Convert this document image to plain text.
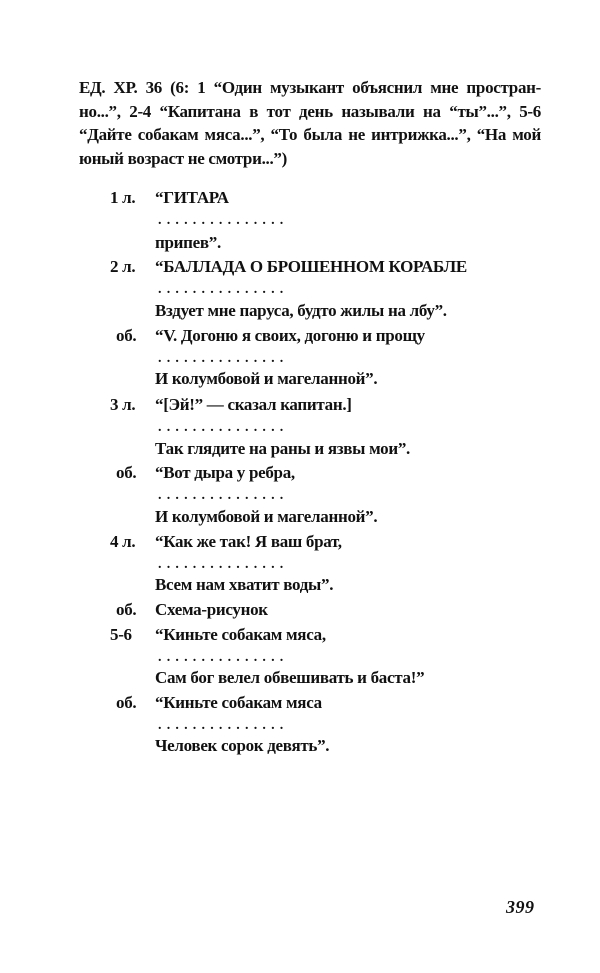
ЕД. ХР. 36 (6: 1 “Один музыкант объяснил мне простран-
но...”, 2-4 “Капитана в тот день называли на “ты”...”, 5-6
“Дайте собакам мяса...”, “То была не интрижка...”, “На мой
юный возраст не смотри...”)
1 л. “ГИТАРА
...............
припев”.
2 л. “БАЛЛАДА О БРОШЕННОМ КОРАБЛЕ
...............
Вздует мне паруса, будто жилы на лбу”.
об. “V. Догоню я своих, догоню и прощу
...............
И колумбовой и магеланной”.
3 л. “[Эй!” — сказал капитан.]
...............
Так глядите на раны и язвы мои”.
об. “Вот дыра у ребра,
...............
И колумбовой и магеланной”.
4 л. “Как же так! Я ваш брат,
...............
Всем нам хватит воды”.
об. Схема-рисунок
5-6 “Киньте собакам мяса,
...............
Сам бог велел обвешивать и баста!”
об. “Киньте собакам мяса
...............
Человек сорок девять”.
399
